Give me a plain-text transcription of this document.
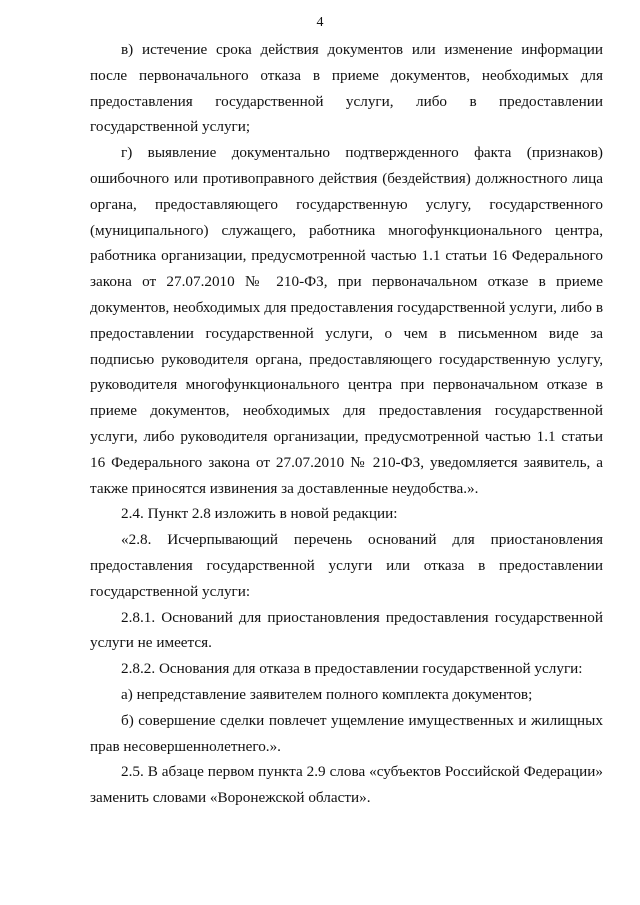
4

в) истечение срока действия документов или изменение информации после первоначального отказа в приеме документов, необходимых для предоставления государственной услуги, либо в предоставлении государственной услуги;

г) выявление документально подтвержденного факта (признаков) ошибочного или противоправного действия (бездействия) должностного лица органа, предоставляющего государственную услугу, государственного (муниципального) служащего, работника многофункционального центра, работника организации, предусмотренной частью 1.1 статьи 16 Федерального закона от 27.07.2010 № 210-ФЗ, при первоначальном отказе в приеме документов, необходимых для предоставления государственной услуги, либо в предоставлении государственной услуги, о чем в письменном виде за подписью руководителя органа, предоставляющего государственную услугу, руководителя многофункционального центра при первоначальном отказе в приеме документов, необходимых для предоставления государственной услуги, либо руководителя организации, предусмотренной частью 1.1 статьи 16 Федерального закона от 27.07.2010 № 210-ФЗ, уведомляется заявитель, а также приносятся извинения за доставленные неудобства.».

2.4. Пункт 2.8 изложить в новой редакции:

«2.8. Исчерпывающий перечень оснований для приостановления предоставления государственной услуги или отказа в предоставлении государственной услуги:

2.8.1. Оснований для приостановления предоставления государственной услуги не имеется.

2.8.2. Основания для отказа в предоставлении государственной услуги:

а) непредставление заявителем полного комплекта документов;

б) совершение сделки повлечет ущемление имущественных и жилищных прав несовершеннолетнего.».

2.5. В абзаце первом пункта 2.9 слова «субъектов Российской Федерации» заменить словами «Воронежской области».
